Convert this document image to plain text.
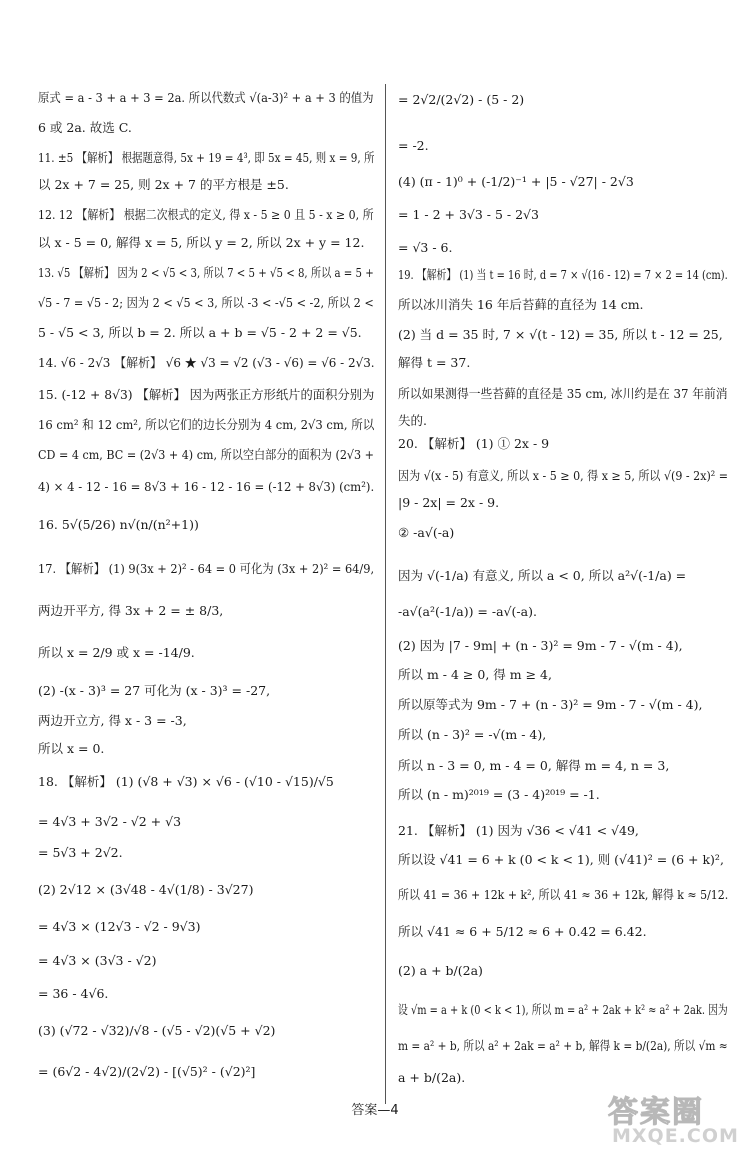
原式 = a - 3 + a + 3 = 2a. 所以代数式 √(a-3)² + a + 3 的值为
6 或 2a. 故选 C.
11. ±5 【解析】 根据题意得, 5x + 19 = 4³, 即 5x = 45, 则 x = 9, 所
以 2x + 7 = 25, 则 2x + 7 的平方根是 ±5.
12. 12 【解析】 根据二次根式的定义, 得 x - 5 ≥ 0 且 5 - x ≥ 0, 所
以 x - 5 = 0, 解得 x = 5, 所以 y = 2, 所以 2x + y = 12.
13. √5 【解析】 因为 2 < √5 < 3, 所以 7 < 5 + √5 < 8, 所以 a = 5 +
√5 - 7 = √5 - 2; 因为 2 < √5 < 3, 所以 -3 < -√5 < -2, 所以 2 <
5 - √5 < 3, 所以 b = 2. 所以 a + b = √5 - 2 + 2 = √5.
14. √6 - 2√3 【解析】 √6 ★ √3 = √2 (√3 - √6) = √6 - 2√3.
15. (-12 + 8√3) 【解析】 因为两张正方形纸片的面积分别为
16 cm² 和 12 cm², 所以它们的边长分别为 4 cm, 2√3 cm, 所以
CD = 4 cm, BC = (2√3 + 4) cm, 所以空白部分的面积为 (2√3 +
4) × 4 - 12 - 16 = 8√3 + 16 - 12 - 16 = (-12 + 8√3) (cm²).
16. 5√(5/26) n√(n/(n²+1))
17. 【解析】 (1) 9(3x + 2)² - 64 = 0 可化为 (3x + 2)² = 64/9,
两边开平方, 得 3x + 2 = ± 8/3,
所以 x = 2/9 或 x = -14/9.
(2) -(x - 3)³ = 27 可化为 (x - 3)³ = -27,
两边开立方, 得 x - 3 = -3,
所以 x = 0.
18. 【解析】 (1) (√8 + √3) × √6 - (√10 - √15)/√5
= 4√3 + 3√2 - √2 + √3
= 5√3 + 2√2.
(2) 2√12 × (3√48 - 4√(1/8) - 3√27)
= 4√3 × (12√3 - √2 - 9√3)
= 4√3 × (3√3 - √2)
= 36 - 4√6.
(3) (√72 - √32)/√8 - (√5 - √2)(√5 + √2)
= (6√2 - 4√2)/(2√2) - [(√5)² - (√2)²]
= 2√2/(2√2) - (5 - 2)
= -2.
(4) (π - 1)⁰ + (-1/2)⁻¹ + |5 - √27| - 2√3
= 1 - 2 + 3√3 - 5 - 2√3
= √3 - 6.
19. 【解析】 (1) 当 t = 16 时, d = 7 × √(16 - 12) = 7 × 2 = 14 (cm).
所以冰川消失 16 年后苔藓的直径为 14 cm.
(2) 当 d = 35 时, 7 × √(t - 12) = 35, 所以 t - 12 = 25,
解得 t = 37.
所以如果测得一些苔藓的直径是 35 cm, 冰川约是在 37 年前消
失的.
20. 【解析】 (1) ① 2x - 9
因为 √(x - 5) 有意义, 所以 x - 5 ≥ 0, 得 x ≥ 5, 所以 √(9 - 2x)² =
|9 - 2x| = 2x - 9.
② -a√(-a)
因为 √(-1/a) 有意义, 所以 a < 0, 所以 a²√(-1/a) =
-a√(a²(-1/a)) = -a√(-a).
(2) 因为 |7 - 9m| + (n - 3)² = 9m - 7 - √(m - 4),
所以 m - 4 ≥ 0, 得 m ≥ 4,
所以原等式为 9m - 7 + (n - 3)² = 9m - 7 - √(m - 4),
所以 (n - 3)² = -√(m - 4),
所以 n - 3 = 0, m - 4 = 0, 解得 m = 4, n = 3,
所以 (n - m)²⁰¹⁹ = (3 - 4)²⁰¹⁹ = -1.
21. 【解析】 (1) 因为 √36 < √41 < √49,
所以设 √41 = 6 + k (0 < k < 1), 则 (√41)² = (6 + k)²,
所以 41 = 36 + 12k + k², 所以 41 ≈ 36 + 12k, 解得 k ≈ 5/12.
所以 √41 ≈ 6 + 5/12 ≈ 6 + 0.42 = 6.42.
(2) a + b/(2a)
设 √m = a + k (0 < k < 1), 所以 m = a² + 2ak + k² ≈ a² + 2ak. 因为
m = a² + b, 所以 a² + 2ak = a² + b, 解得 k = b/(2a), 所以 √m ≈
a + b/(2a).
答案—4	答案圈
MXQE.COM
